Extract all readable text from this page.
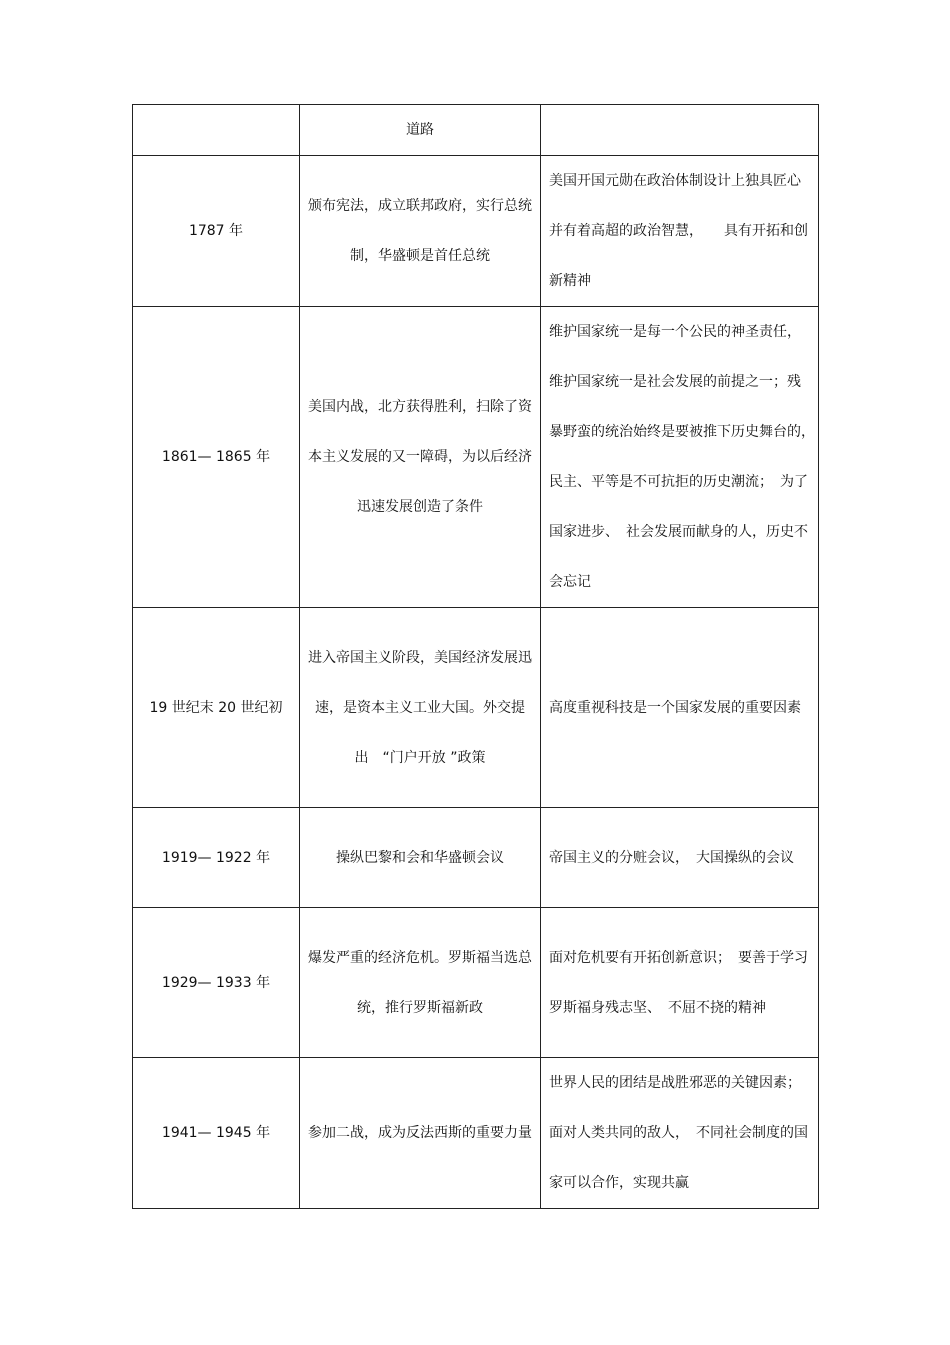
	道路	
1787 年	颁布宪法，成立联邦政府，实行总统制，华盛顿是首任总统	美国开国元勋在政治体制设计上独具匠心并有着高超的政治智慧，　　具有开拓和创新精神
1861— 1865 年	美国内战，北方获得胜利，扫除了资本主义发展的又一障碍，为以后经济迅速发展创造了条件	维护国家统一是每一个公民的神圣责任，维护国家统一是社会发展的前提之一；残暴野蛮的统治始终是要被推下历史舞台的，　民主、平等是不可抗拒的历史潮流；　为了国家进步、　社会发展而献身的人，历史不会忘记
19 世纪末 20 世纪初	进入帝国主义阶段，美国经济发展迅速，是资本主义工业大国。外交提出　“门户开放 ”政策	高度重视科技是一个国家发展的重要因素
1919— 1922 年	操纵巴黎和会和华盛顿会议	帝国主义的分赃会议，　大国操纵的会议
1929— 1933 年	爆发严重的经济危机。罗斯福当选总统，推行罗斯福新政	面对危机要有开拓创新意识；　要善于学习罗斯福身残志坚、　不屈不挠的精神
1941— 1945 年	参加二战，成为反法西斯的重要力量	世界人民的团结是战胜邪恶的关键因素；面对人类共同的敌人，　不同社会制度的国家可以合作，实现共赢
